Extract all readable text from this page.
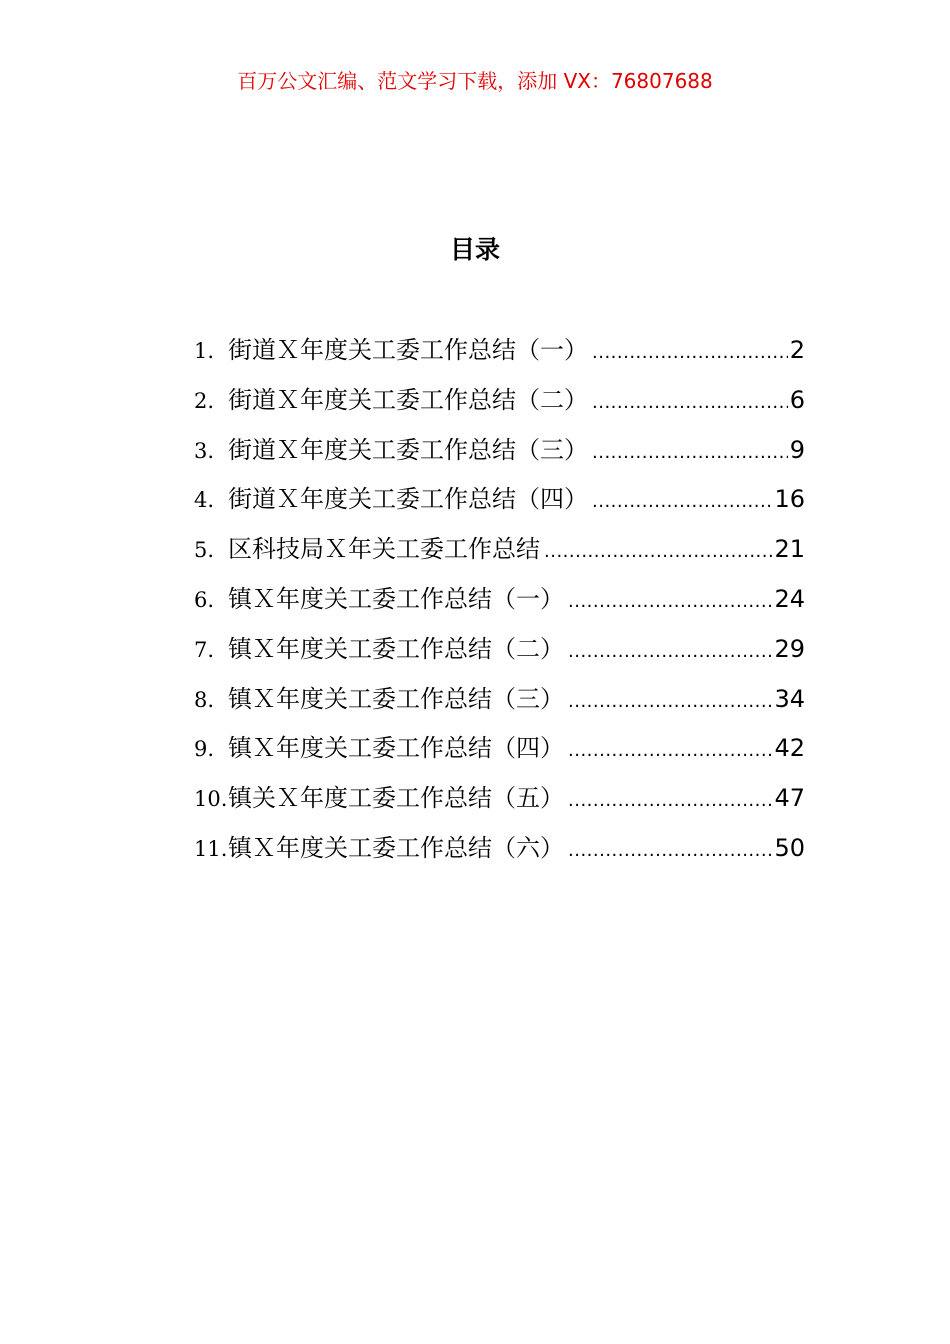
百万公文汇编、范文学习下载，添加 VX：76807688
目录
1. 街道Ｘ年度关工委工作总结（一） .....	2
2. 街道Ｘ年度关工委工作总结（二） .....	6
3. 街道Ｘ年度关工委工作总结（三） .....	9
4. 街道Ｘ年度关工委工作总结（四） .....	16
5. 区科技局Ｘ年关工委工作总结 .....	21
6. 镇Ｘ年度关工委工作总结（一） .....	24
7. 镇Ｘ年度关工委工作总结（二） .....	29
8. 镇Ｘ年度关工委工作总结（三） .....	34
9. 镇Ｘ年度关工委工作总结（四） .....	42
10. 镇关Ｘ年度工委工作总结（五） .....	47
11. 镇Ｘ年度关工委工作总结（六） .....	50
